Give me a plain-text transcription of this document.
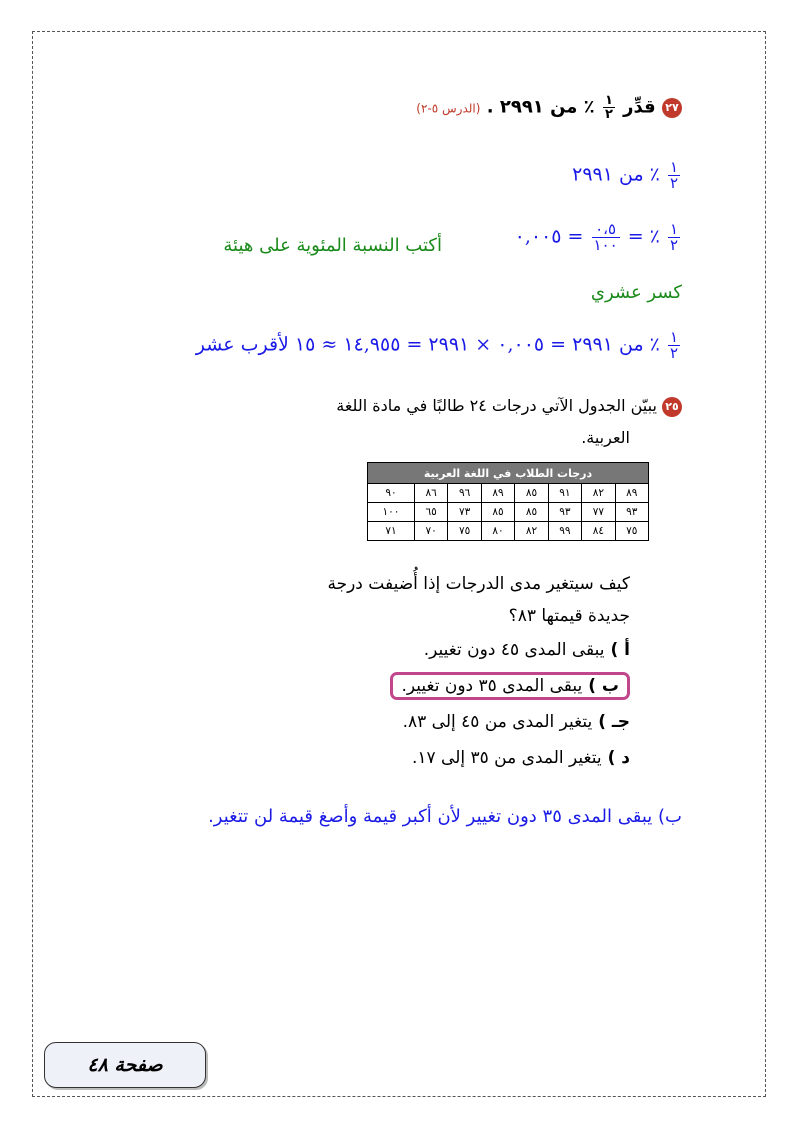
٢٧ قدِّر
$\frac{١}{٢}$
٪ من ٢٩٩١ . (الدرس ٥-٢)
$\frac{١}{٢}$
٪ من ٢٩٩١
$\frac{١}{٢}$
٪ =
$\frac{٠،٥}{١٠٠}$
= ٠,٠٠٥
أكتب النسبة المئوية على هيئة
كسر عشري
$\frac{١}{٢}$
٪ من ٢٩٩١ = ٠,٠٠٥ × ٢٩٩١ = ١٤,٩٥٥ ≈ ١٥ لأقرب عشر
٢٥ يبيّن الجدول الآتي درجات ٢٤ طالبًا في مادة اللغة
العربية.
درجات الطلاب في اللغة العربية							
٨٩	٨٢	٩١	٨٥	٨٩	٩٦	٨٦	٩٠
٩٣	٧٧	٩٣	٨٥	٨٥	٧٣	٦٥	١٠٠
٧٥	٨٤	٩٩	٨٢	٨٠	٧٥	٧٠	٧١
كيف سيتغير مدى الدرجات إذا أُضيفت درجة
جديدة قيمتها ٨٣؟
أ )يبقى المدى ٤٥ دون تغيير.
ب )يبقى المدى ٣٥ دون تغيير.
جـ )يتغير المدى من ٤٥ إلى ٨٣.
د )يتغير المدى من ٣٥ إلى ١٧.
ب) يبقى المدى ٣٥ دون تغيير لأن أكبر قيمة وأصغ قيمة لن تتغير.
صفحة ٤٨
